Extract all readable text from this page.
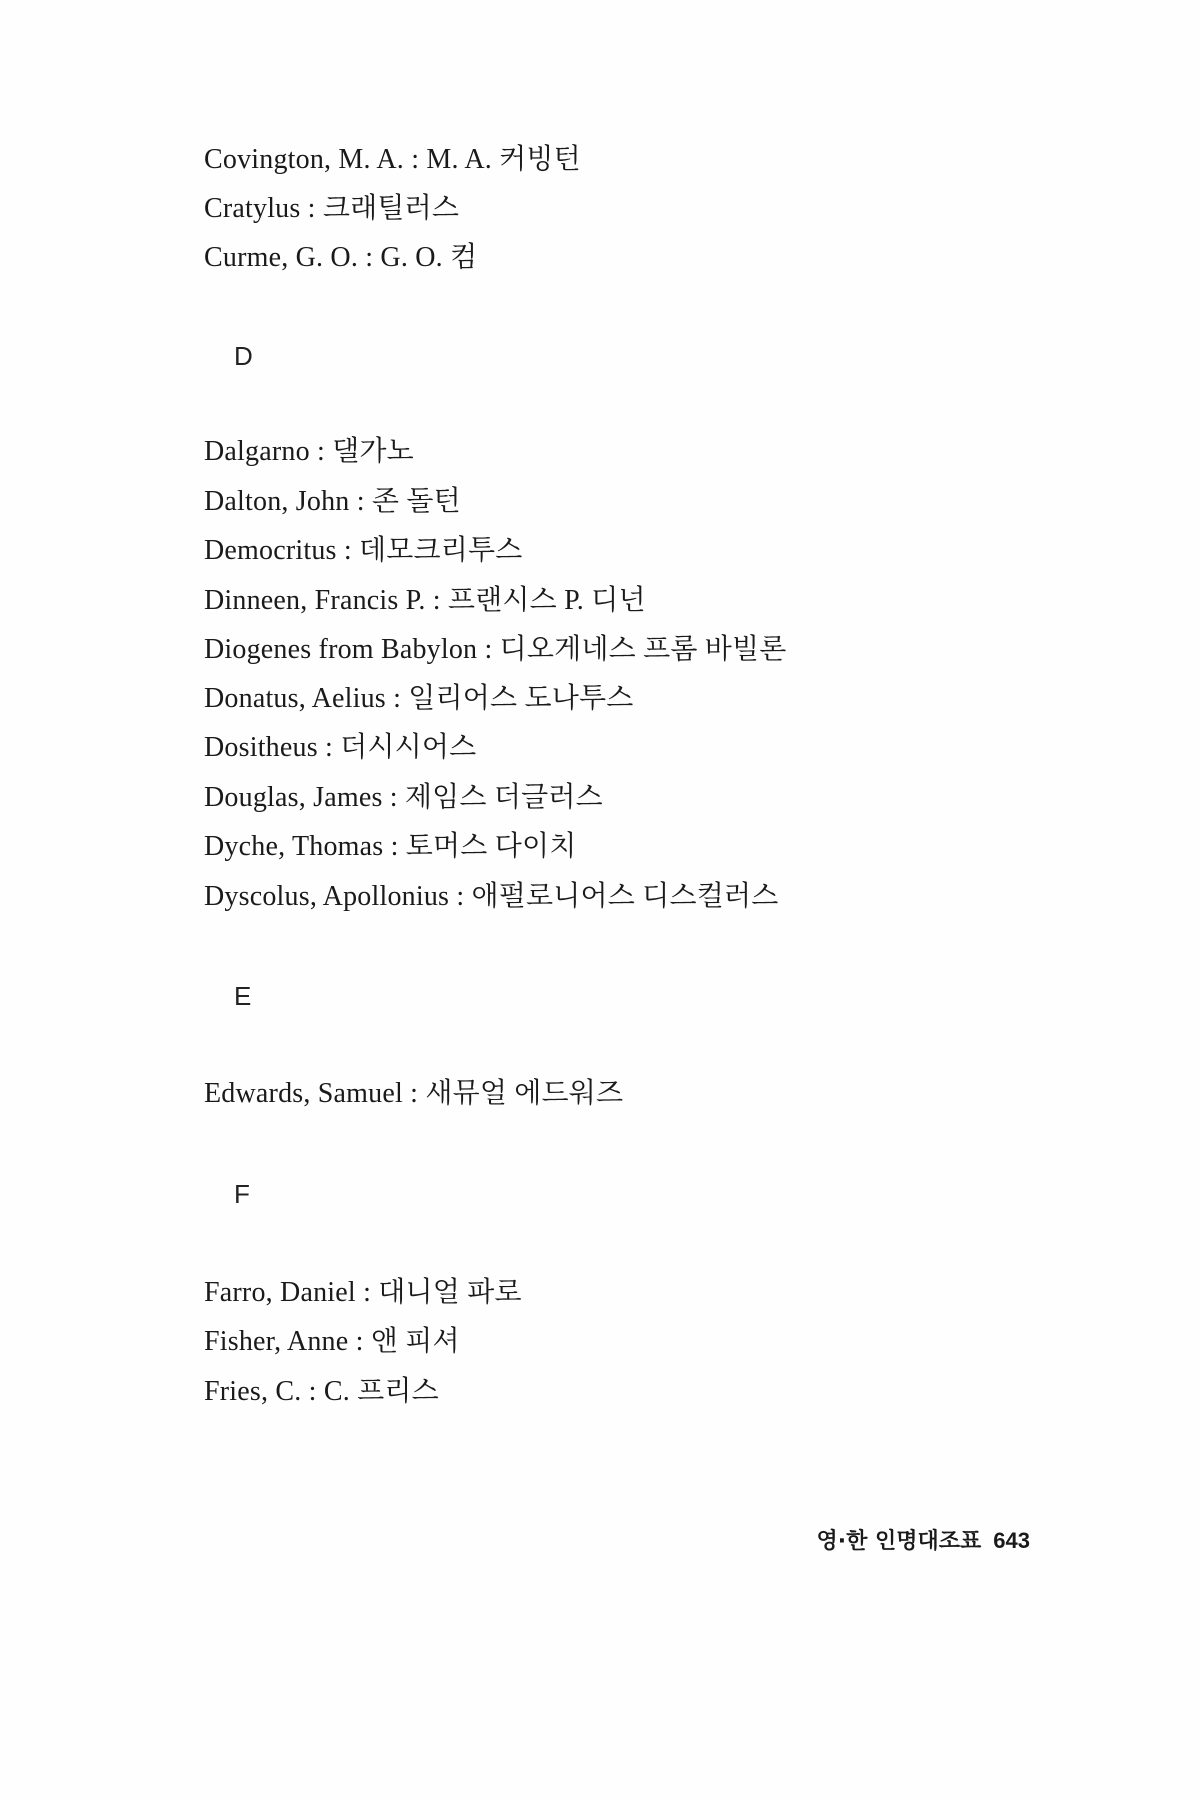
Covington, M. A. : M. A. 커빙턴
Cratylus : 크래틸러스
Curme, G. O. : G. O. 컴
D
Dalgarno : 댈가노
Dalton, John : 존 돌턴
Democritus : 데모크리투스
Dinneen, Francis P. : 프랜시스 P. 디넌
Diogenes from Babylon : 디오게네스 프롬 바빌론
Donatus, Aelius : 일리어스 도나투스
Dositheus : 더시시어스
Douglas, James : 제임스 더글러스
Dyche, Thomas : 토머스 다이치
Dyscolus, Apollonius : 애펄로니어스 디스컬러스
E
Edwards, Samuel : 새뮤얼 에드워즈
F
Farro, Daniel : 대니얼 파로
Fisher, Anne : 앤 피셔
Fries, C. : C. 프리스
영·한 인명대조표 643
